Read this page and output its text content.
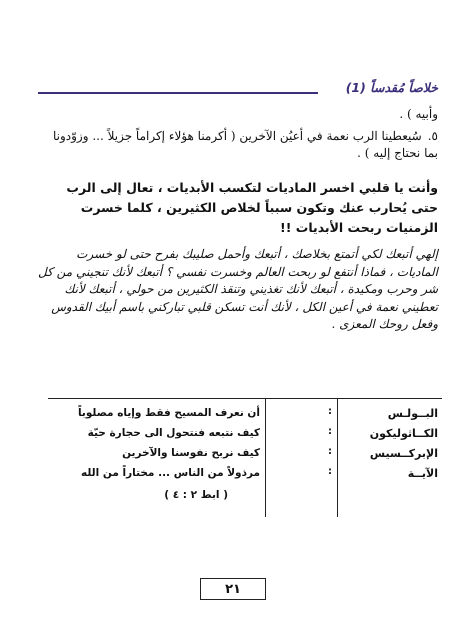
خلاصاً مُقدساً (1)
وأبيه ) .
٥.سُيعطينا الرب نعمة في أعيُن الآخرين ( أكرمنا هؤلاء إكراماً جزيلاً ... وزوّدونا بما نحتاج إليه ) .
وأنت يا قلبي اخسر الماديات لتكسب الأبديات ، تعال إلى الرب حتى يُحارب عنك وتكون سبباً لخلاص الكثيرين ، كلما خسرت الزمنيات ربحت الأبديات !!
إلهي أتبعك لكي أتمتع بخلاصك ، أتبعك وأحمل صليبك بفرح حتى لو خسرت الماديات ، فماذا أنتفع لو ربحت العالم وخسرت نفسي ؟ أتبعك لأنك تنجيني من كل شر وحرب ومكيدة ، أتبعك لأنك تغذيني وتنقذ الكثيرين من حولي ، أتبعك لأنك تعطيني نعمة في أعين الكل ، لأنك أنت تسكن قلبي تباركني باسم أبيك القدوس وفعل روحك المعزى .
البــولـس
:
أن نعرف المسيح فقط وإياه مصلوباً
الكــاثوليكون
:
كيف نتبعه فنتحول الى حجارة حيّة
الإبركــسيس
:
كيف نربح نفوسنا والآخرين
الآيــة
:
مرذولاً من الناس ... مختاراً من الله
( ابط ٢ : ٤ )
٢١
